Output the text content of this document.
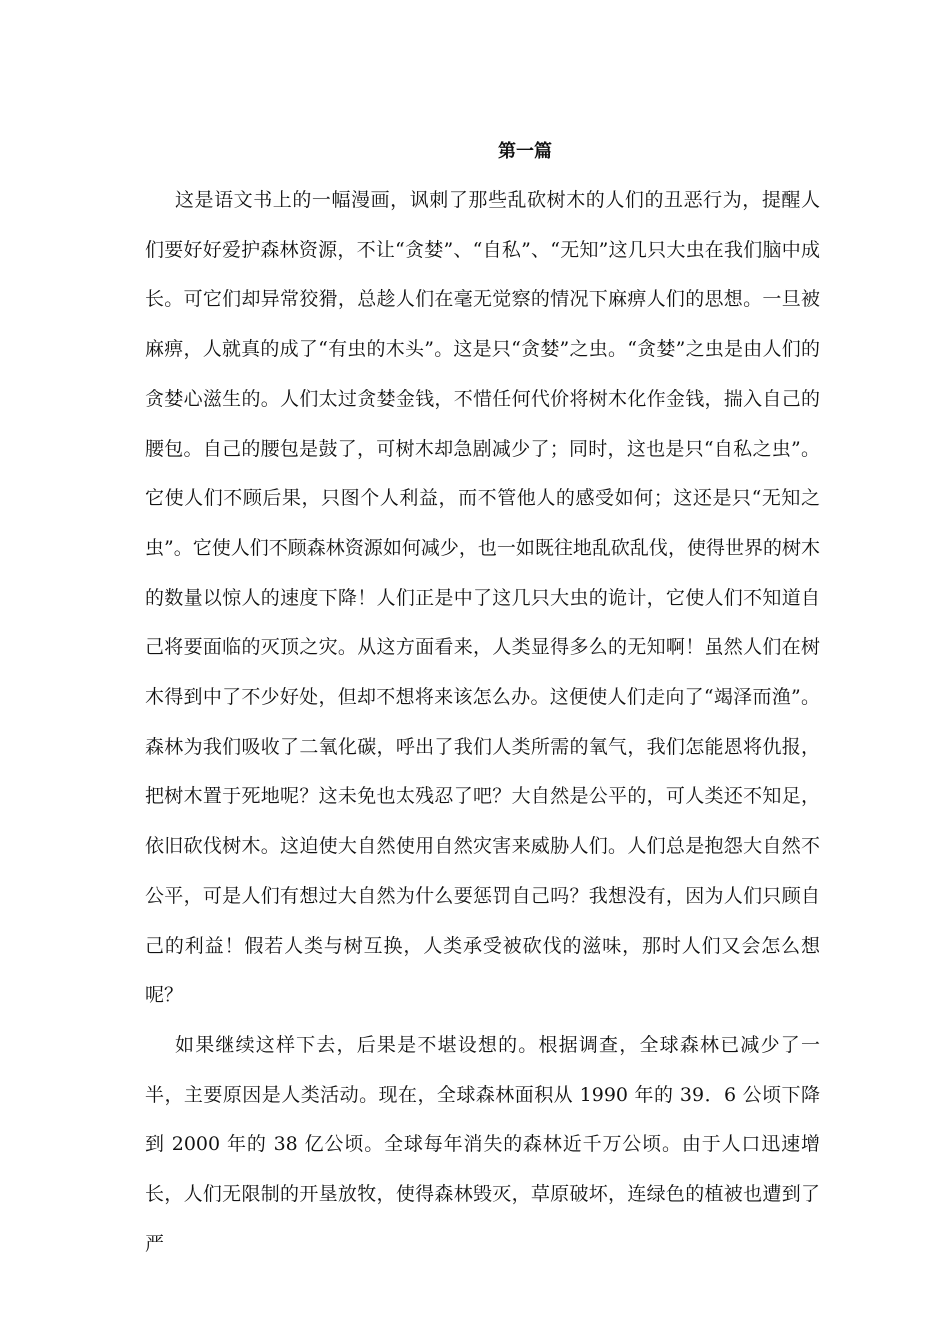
第一篇

这是语文书上的一幅漫画，讽刺了那些乱砍树木的人们的丑恶行为，提醒人们要好好爱护森林资源，不让“贪婪”、“自私”、“无知”这几只大虫在我们脑中成长。可它们却异常狡猾，总趁人们在毫无觉察的情况下麻痹人们的思想。一旦被麻痹，人就真的成了“有虫的木头”。这是只“贪婪”之虫。“贪婪”之虫是由人们的贪婪心滋生的。人们太过贪婪金钱，不惜任何代价将树木化作金钱，揣入自己的腰包。自己的腰包是鼓了，可树木却急剧减少了；同时，这也是只“自私之虫”。它使人们不顾后果，只图个人利益，而不管他人的感受如何；这还是只“无知之虫”。它使人们不顾森林资源如何减少，也一如既往地乱砍乱伐，使得世界的树木的数量以惊人的速度下降！人们正是中了这几只大虫的诡计，它使人们不知道自己将要面临的灭顶之灾。从这方面看来，人类显得多么的无知啊！虽然人们在树木得到中了不少好处，但却不想将来该怎么办。这便使人们走向了“竭泽而渔”。森林为我们吸收了二氧化碳，呼出了我们人类所需的氧气，我们怎能恩将仇报，把树木置于死地呢？这未免也太残忍了吧？大自然是公平的，可人类还不知足，依旧砍伐树木。这迫使大自然使用自然灾害来威胁人们。人们总是抱怨大自然不公平，可是人们有想过大自然为什么要惩罚自己吗？我想没有，因为人们只顾自己的利益！假若人类与树互换，人类承受被砍伐的滋味，那时人们又会怎么想呢？

如果继续这样下去，后果是不堪设想的。根据调查，全球森林已减少了一半，主要原因是人类活动。现在，全球森林面积从 1990 年的 39．6 公顷下降到 2000 年的 38 亿公顷。全球每年消失的森林近千万公顷。由于人口迅速增长，人们无限制的开垦放牧，使得森林毁灭，草原破坏，连绿色的植被也遭到了严
